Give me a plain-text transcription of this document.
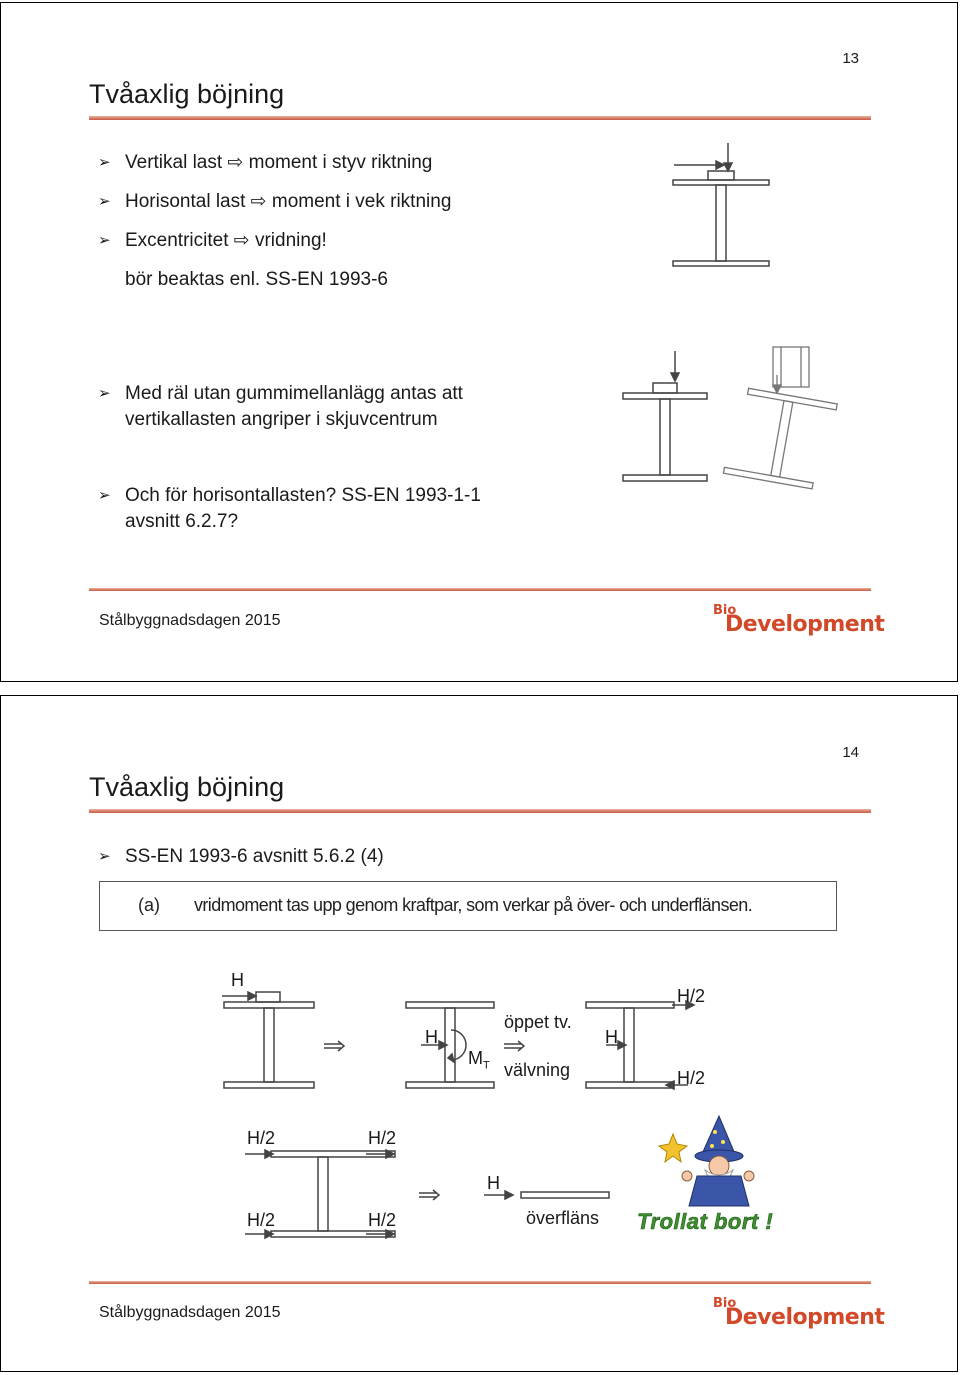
13
Tvåaxlig böjning
➢ Vertikal last ⇨ moment i styv riktning
➢ Horisontal last ⇨ moment i vek riktning
➢ Excentricitet ⇨ vridning!
bör beaktas enl. SS-EN 1993-6
➢ Med räl utan gummimellanlägg antas att vertikallasten angriper i skjuvcentrum
➢ Och för horisontallasten? SS-EN 1993-1-1 avsnitt 6.2.7?
Stålbyggnadsdagen 2015
Bio
Development
14
Tvåaxlig böjning
➢ SS-EN 1993-6 avsnitt 5.6.2 (4)
(a) vridmoment tas upp genom kraftpar, som verkar på över- och underflänsen.
H
H
$M_T$
öppet tv.
välvning
H
H/2
H/2
H/2	H/2
H/2	H/2
H
överfläns Trollat bort !
Stålbyggnadsdagen 2015
Bio
Development
